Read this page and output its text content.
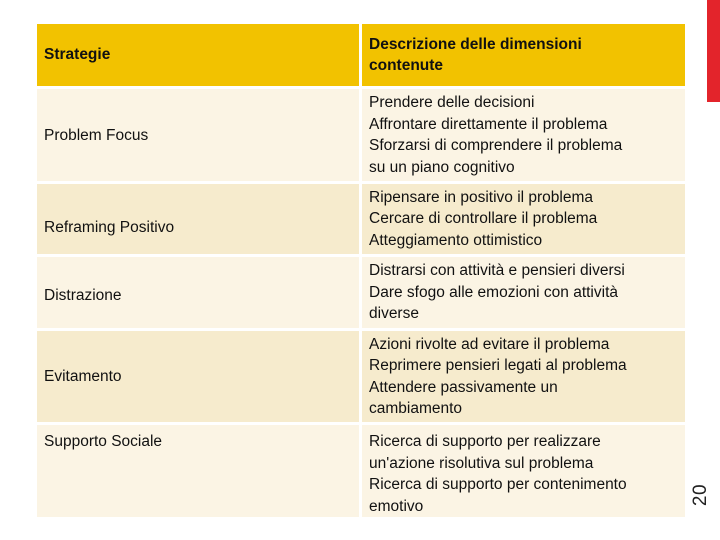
Strategie
Descrizione delle dimensioni
contenute
Problem Focus
Prendere delle decisioni
Affrontare direttamente il problema
Sforzarsi di comprendere il problema
su un piano cognitivo
Reframing Positivo
Ripensare in positivo il problema
Cercare di controllare il problema
Atteggiamento ottimistico
Distrazione
Distrarsi con attività e pensieri diversi
Dare sfogo alle emozioni con attività
diverse
Evitamento
Azioni rivolte ad evitare il problema
Reprimere pensieri legati al problema
Attendere passivamente un
cambiamento
Supporto Sociale	Ricerca di supporto per realizzare
un'azione risolutiva sul problema
Ricerca di supporto per contenimento
emotivo	20
